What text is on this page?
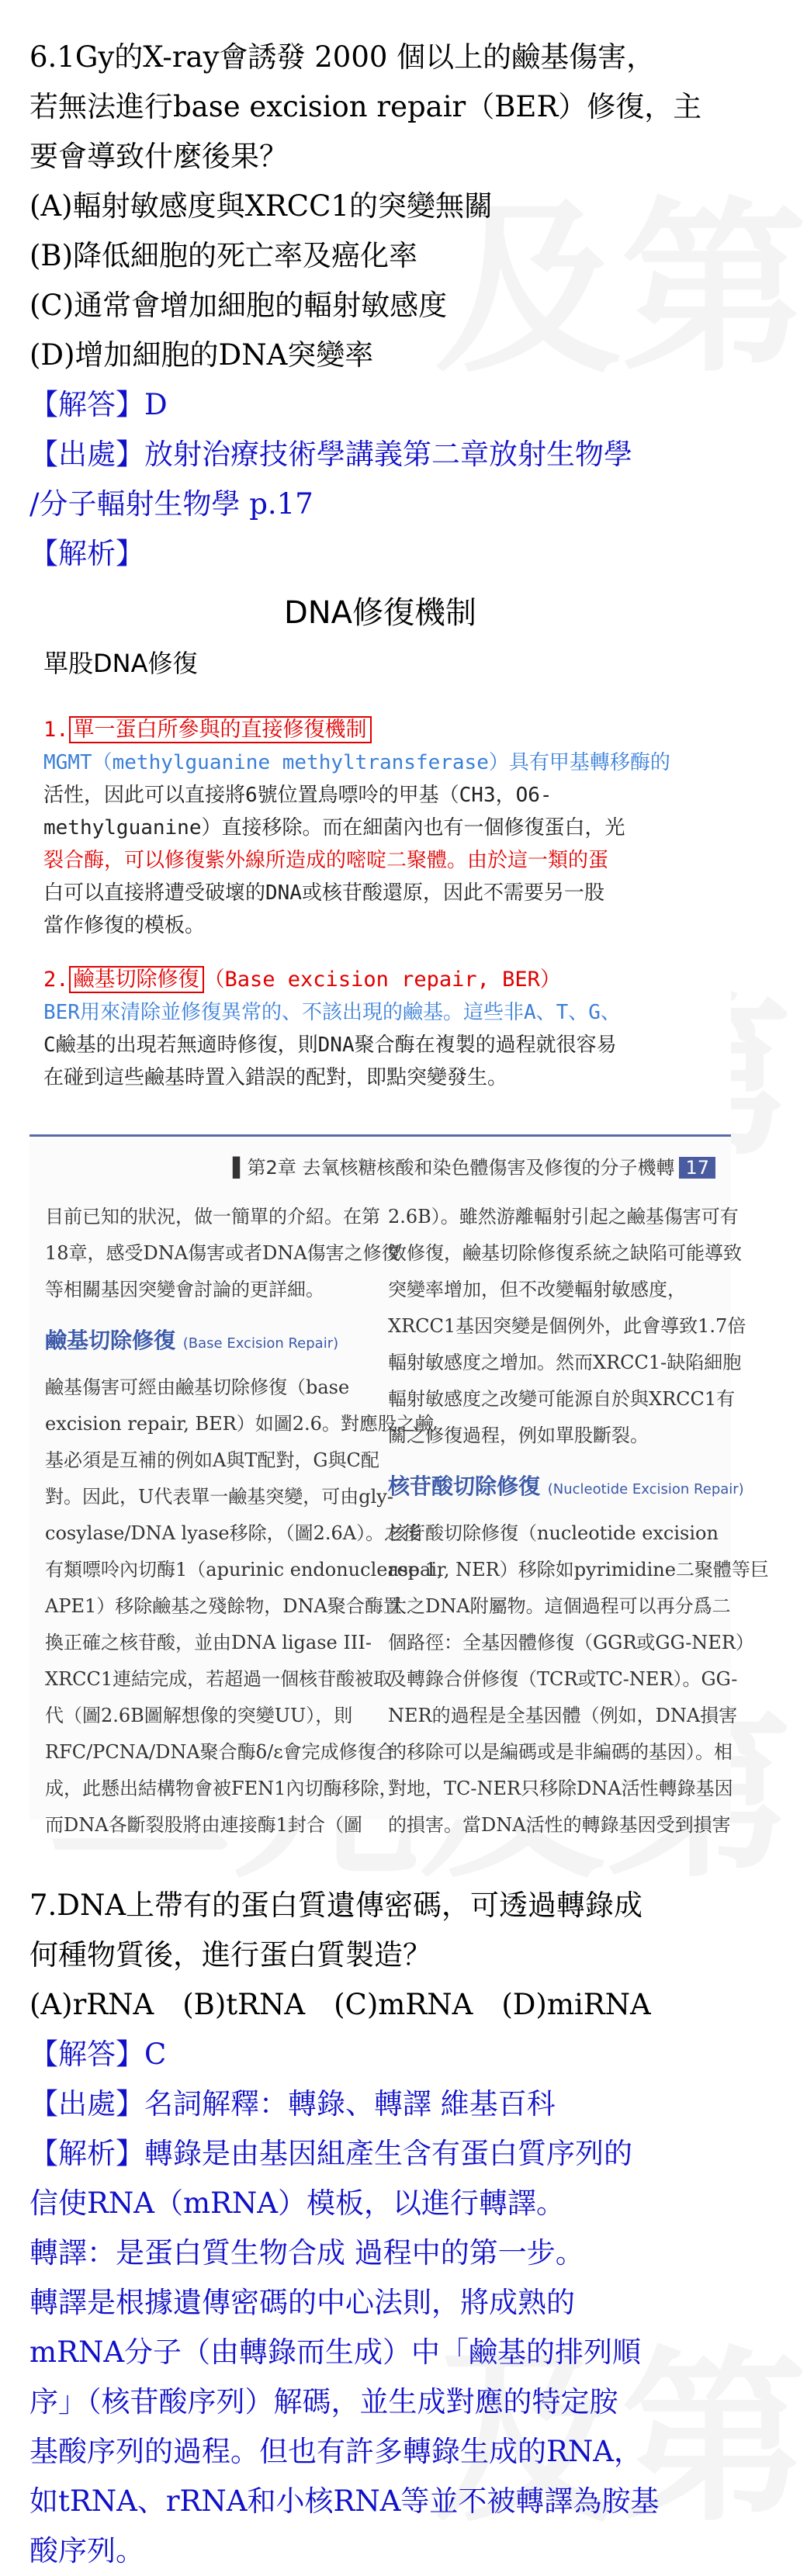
6.1Gy的X-ray會誘發 2000 個以上的鹼基傷害，
若無法進行base excision repair（BER）修復，主
要會導致什麼後果？
(A)輻射敏感度與XRCC1的突變無關
(B)降低細胞的死亡率及癌化率
(C)通常會增加細胞的輻射敏感度
(D)增加細胞的DNA突變率
【解答】D
【出處】放射治療技術學講義第二章放射生物學
/分子輻射生物學 p.17
【解析】
DNA修復機制
單股DNA修復
1. 單一蛋白所參與的直接修復機制
MGMT（methylguanine methyltransferase）具有甲基轉移酶的
活性，因此可以直接將6號位置鳥嘌呤的甲基（CH3，O6-
methylguanine）直接移除。而在細菌內也有一個修復蛋白，光
裂合酶，可以修復紫外線所造成的嘧啶二聚體。由於這一類的蛋
白可以直接將遭受破壞的DNA或核苷酸還原，因此不需要另一股
當作修復的模板。
2. 鹼基切除修復 （Base excision repair, BER）
BER用來清除並修復異常的、不該出現的鹼基。這些非A、T、G、
C鹼基的出現若無適時修復，則DNA聚合酶在複製的過程就很容易
在碰到這些鹼基時置入錯誤的配對，即點突變發生。
▌第2章 去氧核糖核酸和染色體傷害及修復的分子機轉 17
目前已知的狀況，做一簡單的介紹。在第
18章，感受DNA傷害或者DNA傷害之修復
等相關基因突變會討論的更詳細。
鹼基切除修復 (Base Excision Repair)
鹼基傷害可經由鹼基切除修復（base
excision repair, BER）如圖2.6。對應股之鹼
基必須是互補的例如A與T配對，G與C配
對。因此，U代表單一鹼基突變，可由gly-
cosylase/DNA lyase移除，（圖2.6A）。之後
有類嘌呤內切酶1（apurinic endonuclease 1,
APE1）移除鹼基之殘餘物，DNA聚合酶置
換正確之核苷酸，並由DNA ligase III-
XRCC1連結完成，若超過一個核苷酸被取
代（圖2.6B圖解想像的突變UU），則
RFC/PCNA/DNA聚合酶δ/ε會完成修復合
成，此懸出結構物會被FEN1內切酶移除，
而DNA各斷裂股將由連接酶1封合（圖
2.6B）。雖然游離輻射引起之鹼基傷害可有
效修復，鹼基切除修復系統之缺陷可能導致
突變率增加，但不改變輻射敏感度，
XRCC1基因突變是個例外，此會導致1.7倍
輻射敏感度之增加。然而XRCC1-缺陷細胞
輻射敏感度之改變可能源自於與XRCC1有
關之修復過程，例如單股斷裂。
核苷酸切除修復 (Nucleotide Excision Repair)
核苷酸切除修復（nucleotide excision
repair, NER）移除如pyrimidine二聚體等巨
大之DNA附屬物。這個過程可以再分爲二
個路徑：全基因體修復（GGR或GG-NER）
及轉錄合併修復（TCR或TC-NER）。GG-
NER的過程是全基因體（例如，DNA損害
的移除可以是編碼或是非編碼的基因）。相
對地，TC-NER只移除DNA活性轉錄基因
的損害。當DNA活性的轉錄基因受到損害
7.DNA上帶有的蛋白質遺傳密碼，可透過轉錄成
何種物質後，進行蛋白質製造？
(A)rRNA　(B)tRNA　(C)mRNA　(D)miRNA
【解答】C
【出處】名詞解釋：轉錄、轉譯 維基百科
【解析】轉錄是由基因組產生含有蛋白質序列的
信使RNA（mRNA）模板，以進行轉譯。
轉譯：是蛋白質生物合成 過程中的第一步。
轉譯是根據遺傳密碼的中心法則，將成熟的
mRNA分子（由轉錄而生成）中「鹼基的排列順
序」（核苷酸序列）解碼，並生成對應的特定胺
基酸序列的過程。但也有許多轉錄生成的RNA，
如tRNA、rRNA和小核RNA等並不被轉譯為胺基
酸序列。
